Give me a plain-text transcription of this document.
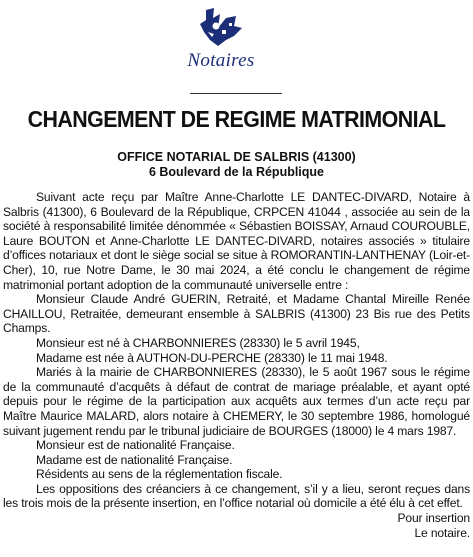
Notaires
CHANGEMENT DE REGIME MATRIMONIAL
OFFICE NOTARIAL DE SALBRIS (41300)
6 Boulevard de la République

Suivant acte reçu par Maître Anne-Charlotte LE DANTEC-DIVARD, Notaire à Salbris (41300), 6 Boulevard de la République, CRPCEN 41044 , associée au sein de la société à responsabilité limitée dénommée « Sébastien BOISSAY, Arnaud COUROUBLE, Laure BOUTON et Anne-Charlotte LE DANTEC-DIVARD, notaires associés » titulaire d’offices notariaux et dont le siège social se situe à ROMORANTIN-LANTHENAY (Loir-et-Cher), 10, rue Notre Dame, le 30 mai 2024, a été conclu le changement de régime matrimonial portant adoption de la communauté universelle entre :

Monsieur Claude André GUERIN, Retraité, et Madame Chantal Mireille Renée CHAILLOU, Retraitée, demeurant ensemble à SALBRIS (41300) 23 Bis rue des Petits Champs.

Monsieur est né à CHARBONNIERES (28330) le 5 avril 1945,

Madame est née à AUTHON-DU-PERCHE (28330) le 11 mai 1948.

Mariés à la mairie de CHARBONNIERES (28330), le 5 août 1967 sous le régime de la communauté d’acquêts à défaut de contrat de mariage préalable, et ayant opté depuis pour le régime de la participation aux acquêts aux termes d’un acte reçu par Maître Maurice MALARD, alors notaire à CHEMERY, le 30 septembre 1986, homologué suivant jugement rendu par le tribunal judiciaire de BOURGES (18000) le 4 mars 1987.

Monsieur est de nationalité Française.

Madame est de nationalité Française.

Résidents au sens de la réglementation fiscale.

Les oppositions des créanciers à ce changement, s’il y a lieu, seront reçues dans les trois mois de la présente insertion, en l’office notarial où domicile a été élu à cet effet.

Pour insertion

Le notaire.
